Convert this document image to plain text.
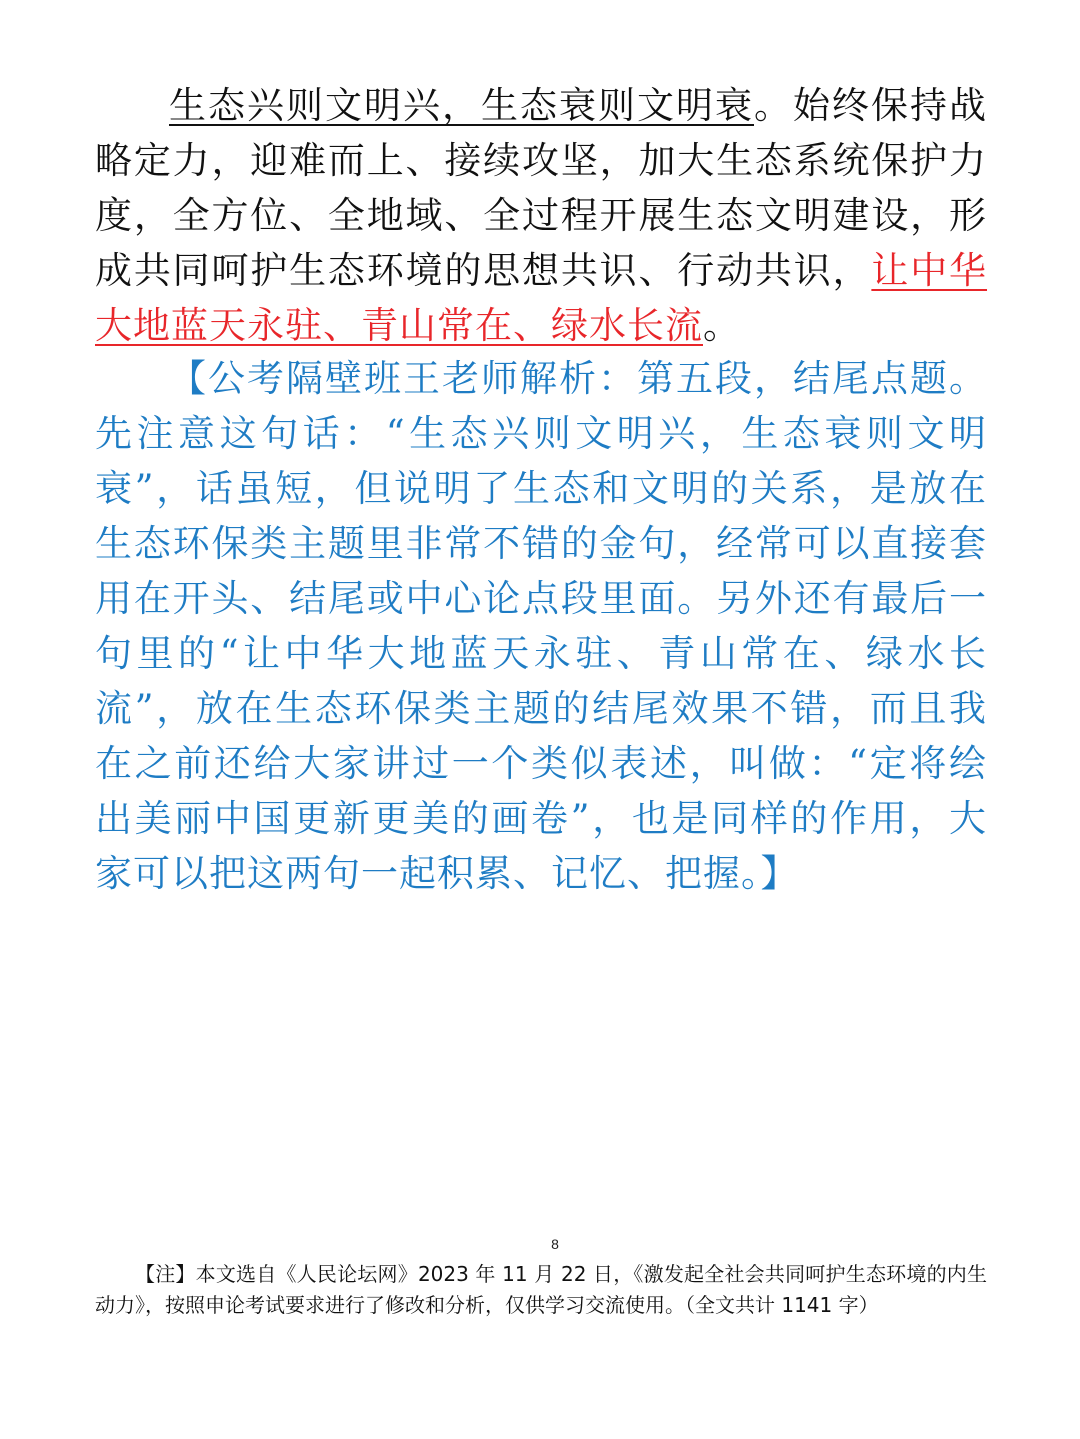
生态兴则文明兴，生态衰则文明衰。始终保持战略定力，迎难而上、接续攻坚，加大生态系统保护力度，全方位、全地域、全过程开展生态文明建设，形成共同呵护生态环境的思想共识、行动共识，让中华大地蓝天永驻、青山常在、绿水长流。

【公考隔壁班王老师解析：第五段，结尾点题。先注意这句话：“生态兴则文明兴，生态衰则文明衰”，话虽短，但说明了生态和文明的关系，是放在生态环保类主题里非常不错的金句，经常可以直接套用在开头、结尾或中心论点段里面。另外还有最后一句里的“让中华大地蓝天永驻、青山常在、绿水长流”，放在生态环保类主题的结尾效果不错，而且我在之前还给大家讲过一个类似表述，叫做：“定将绘出美丽中国更新更美的画卷”，也是同样的作用，大家可以把这两句一起积累、记忆、把握。】

8

【注】本文选自《人民论坛网》2023 年 11 月 22 日，《激发起全社会共同呵护生态环境的内生动力》，按照申论考试要求进行了修改和分析，仅供学习交流使用。（全文共计 1141 字）
